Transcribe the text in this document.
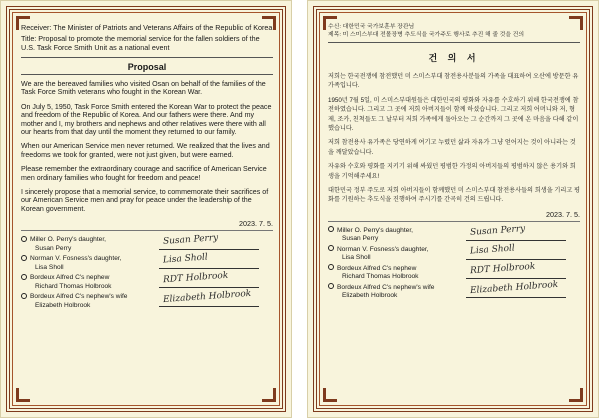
Receiver: The Minister of Patriots and Veterans Affairs of the Republic of Korea

Title: Proposal to promote the memorial service for the fallen soldiers of the U.S. Task Force Smith Unit as a national event

Proposal

We are the bereaved families who visited Osan on behalf of the families of the Task Force Smith veterans who fought in the Korean War.

On July 5, 1950, Task Force Smith entered the Korean War to protect the peace and freedom of the Republic of Korea. And our fathers were there. And my mother and I, my brothers and nephews and other relatives were there with all our hearts from that day until the moment they returned to our family.

When our American Service men never returned. We realized that the lives and freedoms we took for granted, were not just given, but were earned.

Please remember the extraordinary courage and sacrifice of American Service men ordinary families who fought for freedom and peace!

I sincerely propose that a memorial service, to commemorate their sacrifices of our American Service men and pray for peace under the leadership of the Korean government.

2023. 7. 5.
Miller O. Perry's daughter,
Susan Perry
Susan Perry
Norman V. Fosness's daughter,
Lisa Sholl
Lisa Sholl
Bordeux Alfred C's nephew
Richard Thomas Holbrook
RDT Holbrook
Bordeux Alfred C's nephew's wife
Elizabeth Holbrook	Elizabeth Holbrook

수신: 대한민국 국가보훈부 장관님

제목: 미 스미스부대 전몰장병 추도식을 국가주도 행사로 추진 해 줄 것을 건의

건 의 서

저희는 한국전쟁에 참전했던 미 스미스부대 참전용사분들의 가족을 대표하여 오산에 방문한 유가족입니다.

1950년 7월 5일, 미 스미스부대원들은 대한민국의 평화와 자유를 수호하기 위해 한국전쟁에 참전하였습니다. 그리고 그 곳에 저희 아버지들이 함께 하셨습니다. 그리고 저희 어머니와 저, 형제, 조카, 친척들도 그 날부터 저희 가족에게 돌아오는 그 순간까지 그 곳에 온 마음을 다해 같이 했습니다.

저희 참전용사 유가족은 당연하게 여기고 누렸던 삶과 자유가 그냥 얻어지는 것이 아니라는 것을 깨달았습니다.

자유와 수호와 평화를 지키기 위해 싸웠던 평범한 가정의 아버지들의 평범하지 않은 용기와 희생을 기억해주세요!

대한민국 정부 주도로 저희 아버지들이 함께했던 미 스미스부대 참전용사들의 희생을 기리고 평화를 기원하는 추도식을 진행하여 주시기를 간곡히 건의 드립니다.

2023. 7. 5.
Miller O. Perry's daughter,
Susan Perry
Susan Perry
Norman V. Fosness's daughter,
Lisa Sholl
Lisa Sholl
Bordeux Alfred C's nephew
Richard Thomas Holbrook
RDT Holbrook
Bordeux Alfred C's nephew's wife
Elizabeth Holbrook	Elizabeth Holbrook
